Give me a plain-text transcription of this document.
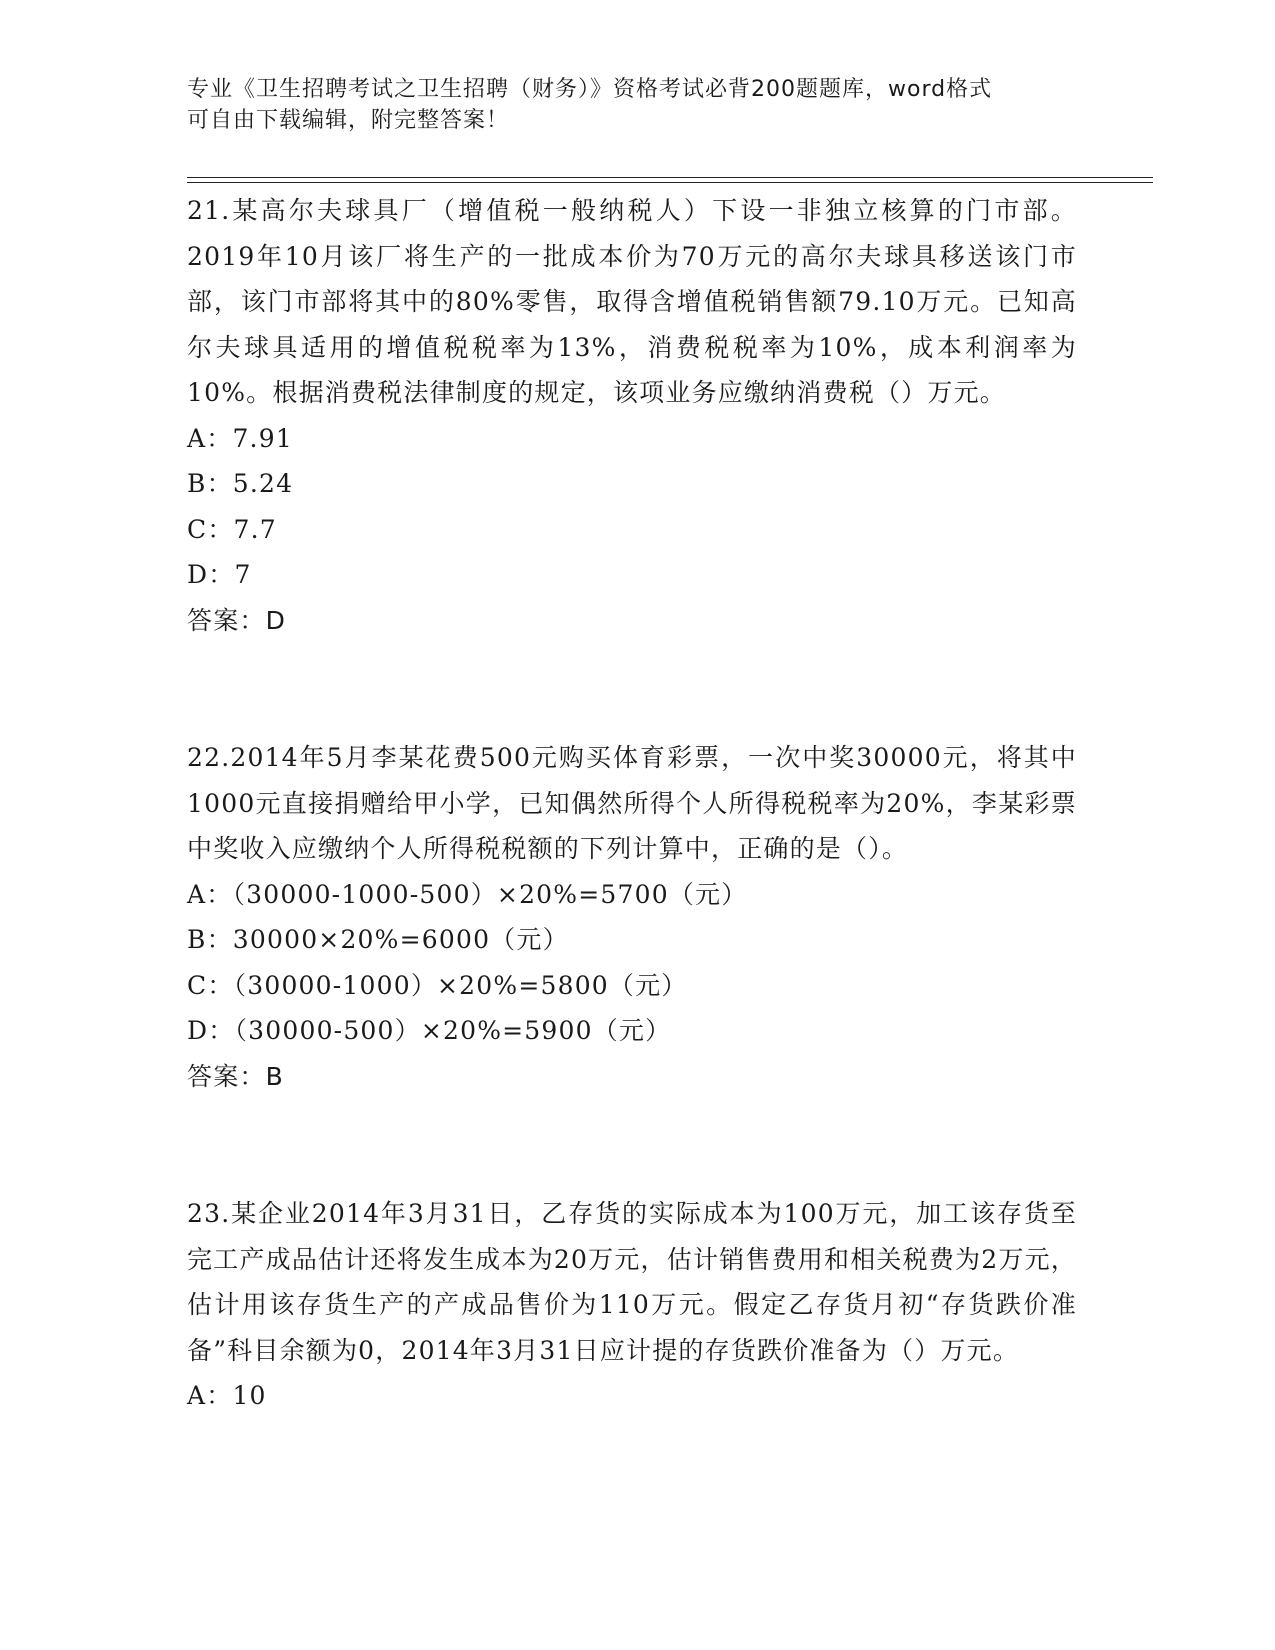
专业《卫生招聘考试之卫生招聘（财务）》资格考试必背200题题库，word格式
可自由下载编辑，附完整答案！

21.某高尔夫球具厂（增值税一般纳税人）下设一非独立核算的门市部。2019年10月该厂将生产的一批成本价为70万元的高尔夫球具移送该门市部，该门市部将其中的80%零售，取得含增值税销售额79.10万元。已知高尔夫球具适用的增值税税率为13%，消费税税率为10%，成本利润率为10%。根据消费税法律制度的规定，该项业务应缴纳消费税（）万元。

A：7.91

B：5.24

C：7.7

D：7

答案：D

22.2014年5月李某花费500元购买体育彩票，一次中奖30000元，将其中1000元直接捐赠给甲小学，已知偶然所得个人所得税税率为20%，李某彩票中奖收入应缴纳个人所得税税额的下列计算中，正确的是（）。

A：（30000-1000-500）×20%=5700（元）

B：30000×20%=6000（元）

C：（30000-1000）×20%=5800（元）

D：（30000-500）×20%=5900（元）

答案：B

23.某企业2014年3月31日，乙存货的实际成本为100万元，加工该存货至完工产成品估计还将发生成本为20万元，估计销售费用和相关税费为2万元，估计用该存货生产的产成品售价为110万元。假定乙存货月初“存货跌价准备”科目余额为0，2014年3月31日应计提的存货跌价准备为（）万元。

A：10
